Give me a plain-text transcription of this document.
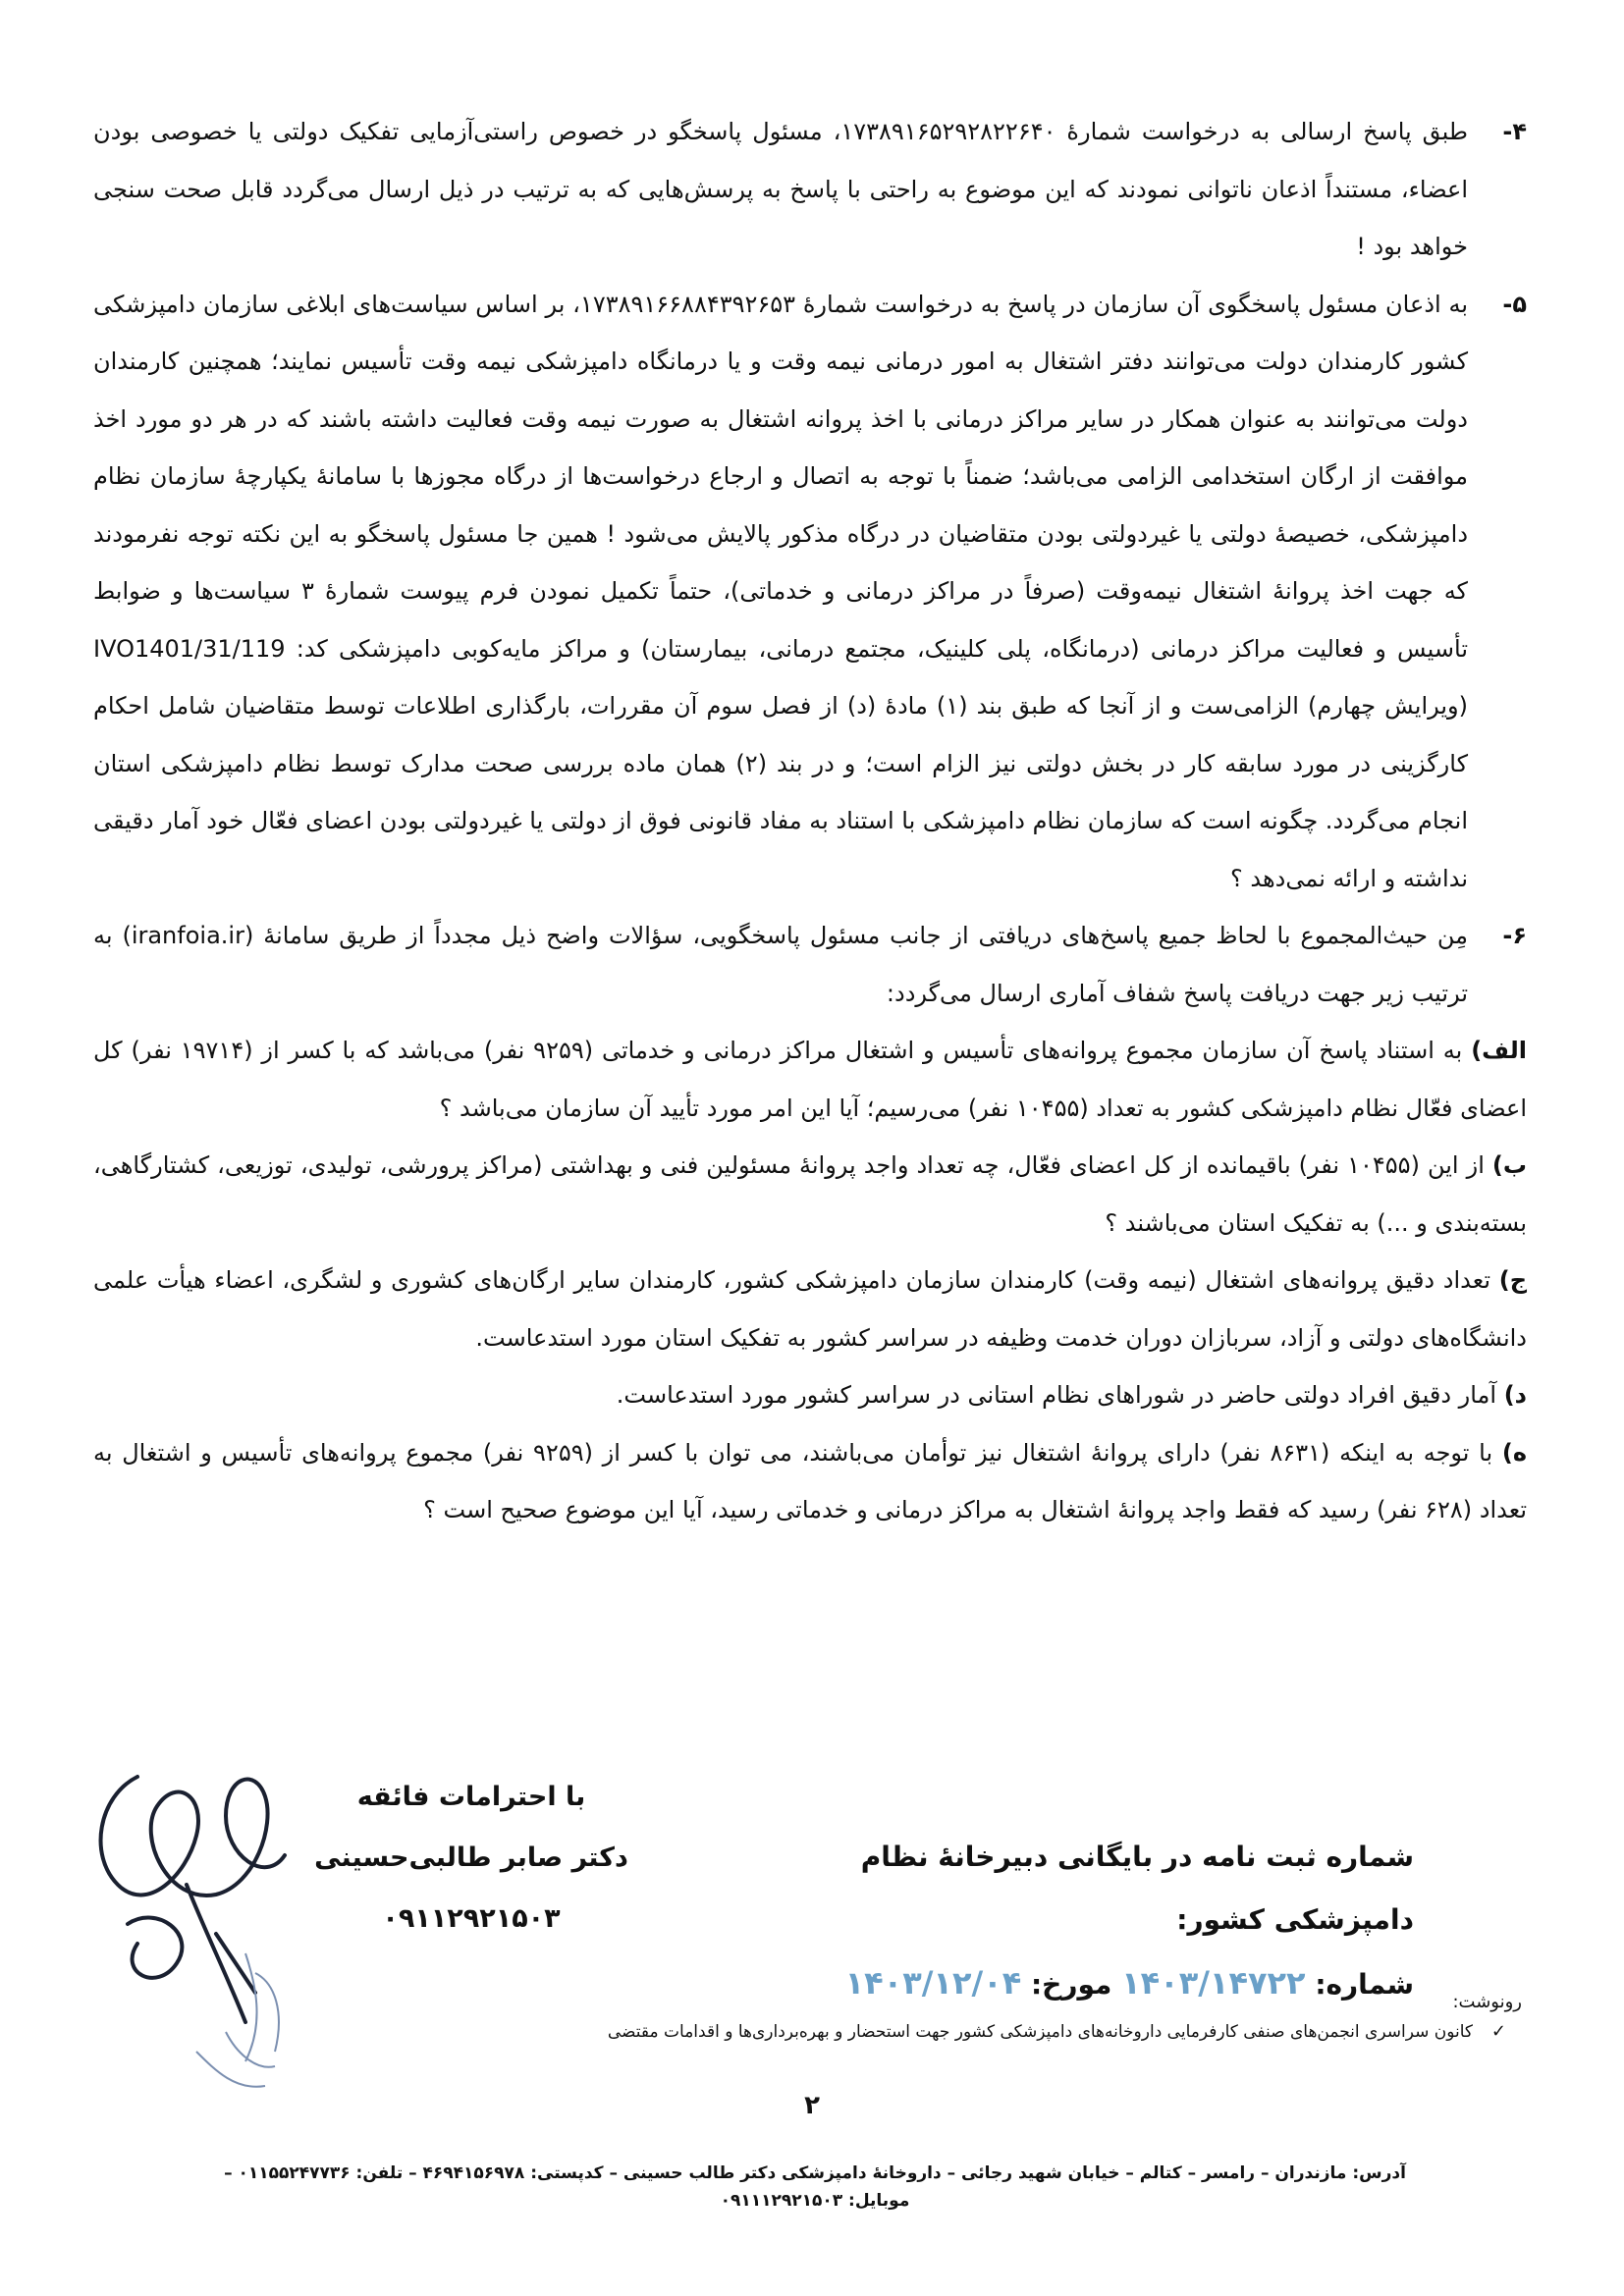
-۴

طبق پاسخ ارسالی به درخواست شمارهٔ ۱۷۳۸۹۱۶۵۲۹۲۸۲۲۶۴۰، مسئول پاسخگو در خصوص راستی‌آزمایی تفکیک دولتی یا خصوصی بودن اعضاء، مستنداً اذعان ناتوانی نمودند که این موضوع به راحتی با پاسخ به پرسش‌هایی که به ترتیب در ذیل ارسال می‌گردد قابل صحت سنجی خواهد بود !

-۵

به اذعان مسئول پاسخگوی آن سازمان در پاسخ به درخواست شمارهٔ ۱۷۳۸۹۱۶۶۸۸۴۳۹۲۶۵۳، بر اساس سیاست‌های ابلاغی سازمان دامپزشکی کشور کارمندان دولت می‌توانند دفتر اشتغال به امور درمانی نیمه وقت و یا درمانگاه دامپزشکی نیمه وقت تأسیس نمایند؛ همچنین کارمندان دولت می‌توانند به عنوان همکار در سایر مراکز درمانی با اخذ پروانه اشتغال به صورت نیمه وقت فعالیت داشته باشند که در هر دو مورد اخذ موافقت از ارگان استخدامی الزامی می‌باشد؛ ضمناً با توجه به اتصال و ارجاع درخواست‌ها از درگاه مجوزها با سامانهٔ یکپارچهٔ سازمان نظام دامپزشکی، خصیصهٔ دولتی یا غیردولتی بودن متقاضیان در درگاه مذکور پالایش می‌شود ! همین جا مسئول پاسخگو به این نکته توجه نفرمودند که جهت اخذ پروانهٔ اشتغال نیمه‌وقت (صرفاً در مراکز درمانی و خدماتی)، حتماً تکمیل نمودن فرم پیوست شمارهٔ ۳ سیاست‌ها و ضوابط تأسیس و فعالیت مراکز درمانی (درمانگاه، پلی کلینیک، مجتمع درمانی، بیمارستان) و مراکز مایه‌کوبی دامپزشکی کد: IVO1401/31/119 (ویرایش چهارم) الزامی‌ست و از آنجا که طبق بند (۱) مادهٔ (د) از فصل سوم آن مقررات، بارگذاری اطلاعات توسط متقاضیان شامل احکام کارگزینی در مورد سابقه کار در بخش دولتی نیز الزام است؛ و در بند (۲) همان ماده بررسی صحت مدارک توسط نظام دامپزشکی استان انجام می‌گردد. چگونه است که سازمان نظام دامپزشکی با استناد به مفاد قانونی فوق از دولتی یا غیردولتی بودن اعضای فعّال خود آمار دقیقی نداشته و ارائه نمی‌دهد ؟

-۶

مِن حیث‌المجموع با لحاظ جمیع پاسخ‌های دریافتی از جانب مسئول پاسخگویی، سؤالات واضح ذیل مجدداً از طریق سامانهٔ (iranfoia.ir) به ترتیب زیر جهت دریافت پاسخ شفاف آماری ارسال می‌گردد:

الف) به استناد پاسخ آن سازمان مجموع پروانه‌های تأسیس و اشتغال مراکز درمانی و خدماتی (۹۲۵۹ نفر) می‌باشد که با کسر از (۱۹۷۱۴ نفر) کل اعضای فعّال نظام دامپزشکی کشور به تعداد (۱۰۴۵۵ نفر) می‌رسیم؛ آیا این امر مورد تأیید آن سازمان می‌باشد ؟

ب) از این (۱۰۴۵۵ نفر) باقیمانده از کل اعضای فعّال، چه تعداد واجد پروانهٔ مسئولین فنی و بهداشتی (مراکز پرورشی، تولیدی، توزیعی، کشتارگاهی، بسته‌بندی و ...) به تفکیک استان می‌باشند ؟

ج) تعداد دقیق پروانه‌های اشتغال (نیمه وقت) کارمندان سازمان دامپزشکی کشور، کارمندان سایر ارگان‌های کشوری و لشگری، اعضاء هیأت علمی دانشگاه‌های دولتی و آزاد، سربازان دوران خدمت وظیفه در سراسر کشور به تفکیک استان مورد استدعاست.

د) آمار دقیق افراد دولتی حاضر در شوراهای نظام استانی در سراسر کشور مورد استدعاست.

ه) با توجه به اینکه (۸۶۳۱ نفر) دارای پروانهٔ اشتغال نیز توأمان می‌باشند، می توان با کسر از (۹۲۵۹ نفر) مجموع پروانه‌های تأسیس و اشتغال به تعداد (۶۲۸ نفر) رسید که فقط واجد پروانهٔ اشتغال به مراکز درمانی و خدماتی رسید، آیا این موضوع صحیح است ؟

با احترامات فائقه
دکتر صابر طالبی‌حسینی
۰۹۱۱۲۹۲۱۵۰۳
شماره ثبت نامه در بایگانی دبیرخانهٔ نظام دامپزشکی کشور:
شماره: ۱۴۰۳/۱۴۷۲۲ مورخ: ۱۴۰۳/۱۲/۰۴
رونوشت:
✓
کانون سراسری انجمن‌های صنفی کارفرمایی داروخانه‌های دامپزشکی کشور جهت استحضار و بهره‌برداری‌ها و اقدامات مقتضی
۲
آدرس: مازندران – رامسر – کتالم – خیابان شهید رجائی – داروخانهٔ دامپزشکی دکتر طالب حسینی – کدپستی: ۴۶۹۴۱۵۶۹۷۸ – تلفن: ۰۱۱۵۵۲۴۷۷۳۶ – موبایل: ۰۹۱۱۱۲۹۲۱۵۰۳
